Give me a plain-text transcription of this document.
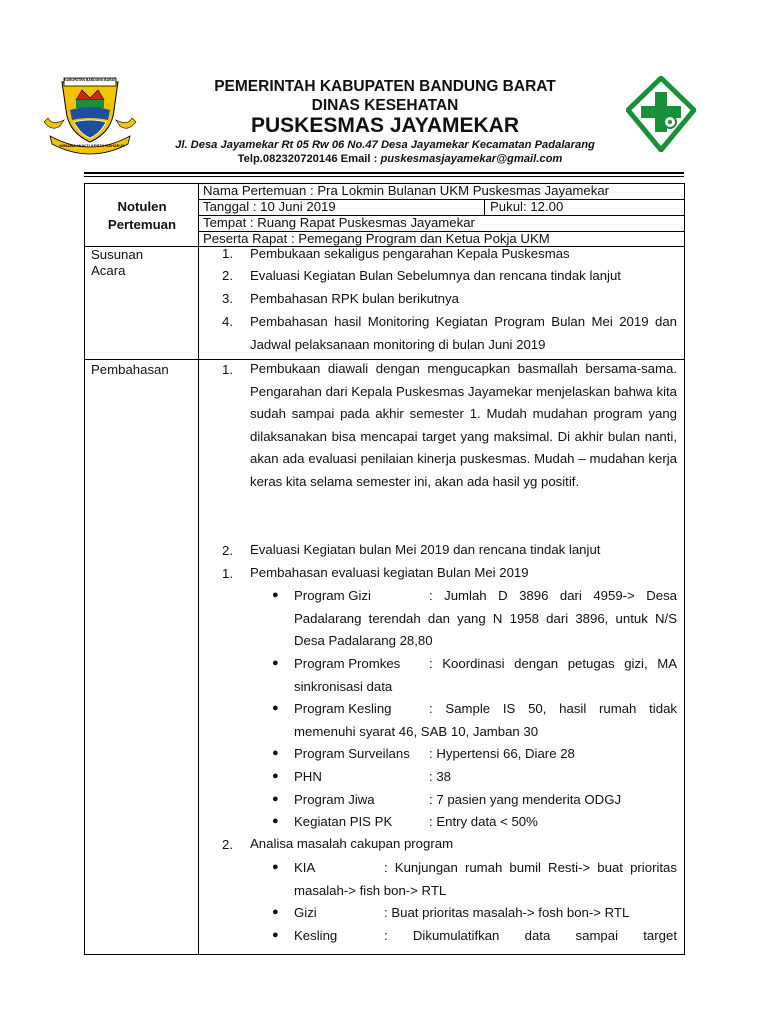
KABUPATEN BANDUNG BARAT
WIBAWA MUKTI KERTA RAHARJA
PEMERINTAH KABUPATEN BANDUNG BARAT
DINAS KESEHATAN
PUSKESMAS JAYAMEKAR
Jl. Desa Jayamekar Rt 05 Rw 06 No.47 Desa Jayamekar Kecamatan Padalarang
Telp.082320720146 Email : puskesmasjayamekar@gmail.com
Notulen
Pertemuan
Nama Pertemuan : Pra Lokmin Bulanan UKM Puskesmas Jayamekar
Tanggal : 10 Juni 2019	Pukul: 12.00
Tempat : Ruang Rapat Puskesmas Jayamekar
Peserta Rapat : Pemegang Program dan Ketua Pokja UKM
Susunan
Acara
1. Pembukaan sekaligus pengarahan Kepala Puskesmas
2. Evaluasi Kegiatan Bulan Sebelumnya dan rencana tindak lanjut
3. Pembahasan RPK bulan berikutnya
4. Pembahasan hasil Monitoring Kegiatan Program Bulan Mei 2019 dan Jadwal pelaksanaan monitoring di bulan Juni 2019
Pembahasan	1. Pembukaan diawali dengan mengucapkan basmallah bersama-sama. Pengarahan dari Kepala Puskesmas Jayamekar menjelaskan bahwa kita sudah sampai pada akhir semester 1. Mudah mudahan program yang dilaksanakan bisa mencapai target yang maksimal. Di akhir bulan nanti, akan ada evaluasi penilaian kinerja puskesmas. Mudah – mudahan kerja keras kita selama semester ini, akan ada hasil yg positif.
2. Evaluasi Kegiatan bulan Mei 2019 dan rencana tindak lanjut
1. Pembahasan evaluasi kegiatan Bulan Mei 2019
● Program Gizi	: Jumlah D 3896 dari 4959-> Desa Padalarang terendah dan yang N 1958 dari 3896, untuk N/S Desa Padalarang 28,80
● Program Promkes	: Koordinasi dengan petugas gizi, MA sinkronisasi data
● Program Kesling	: Sample IS 50, hasil rumah tidak memenuhi syarat 46, SAB 10, Jamban 30
● Program Surveilans : Hypertensi 66, Diare 28
● PHN	: 38
● Program Jiwa	: 7 pasien yang menderita ODGJ
● Kegiatan PIS PK	: Entry data < 50%
2. Analisa masalah cakupan program
● KIA	: Kunjungan rumah bumil Resti-> buat prioritas masalah-> fish bon-> RTL
● Gizi	: Buat prioritas masalah-> fosh bon-> RTL
● Kesling	: Dikumulatifkan data sampai target
